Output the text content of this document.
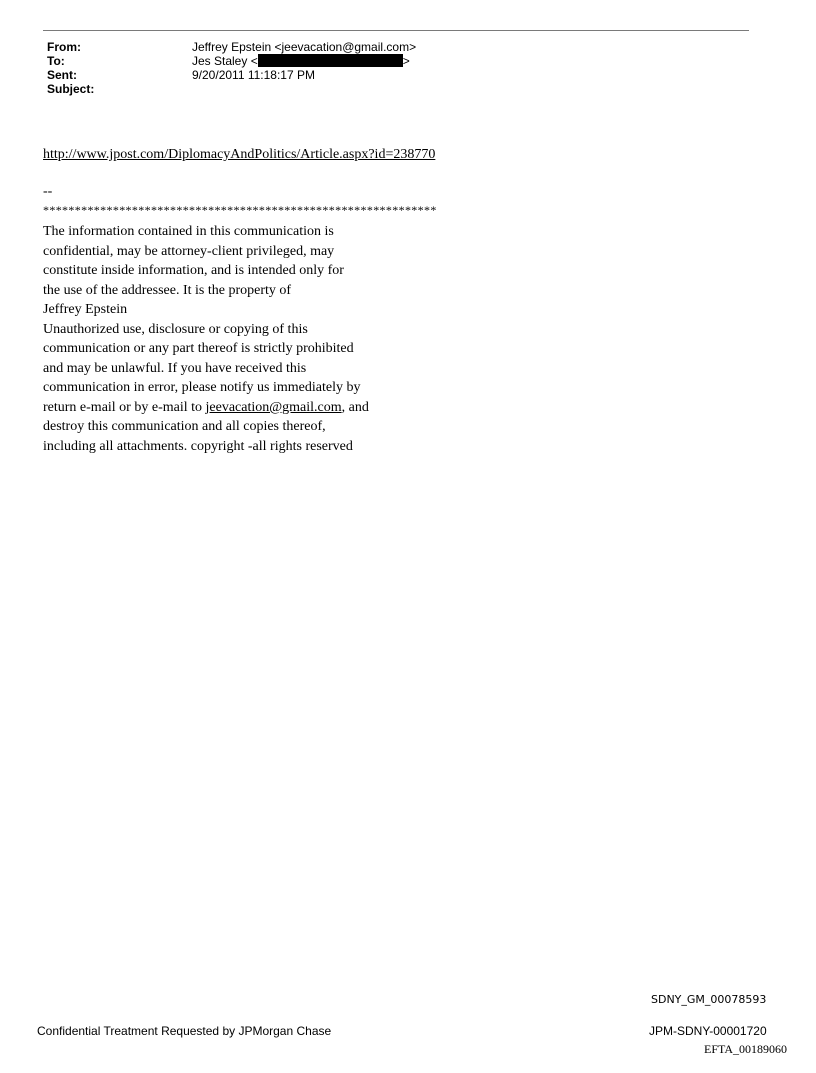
From:	Jeffrey Epstein <jeevacation@gmail.com>
To:	Jes Staley <	>
Sent:	9/20/2011 11:18:17 PM
Subject:
http://www.jpost.com/DiplomacyAndPolitics/Article.aspx?id=238770
--
**************************************************************
The information contained in this communication is
confidential, may be attorney-client privileged, may
constitute inside information, and is intended only for
the use of the addressee. It is the property of
Jeffrey Epstein
Unauthorized use, disclosure or copying of this
communication or any part thereof is strictly prohibited
and may be unlawful. If you have received this
communication in error, please notify us immediately by
return e-mail or by e-mail to jeevacation@gmail.com, and
destroy this communication and all copies thereof,
including all attachments. copyright -all rights reserved
SDNY_GM_00078593
Confidential Treatment Requested by JPMorgan Chase	JPM-SDNY-00001720
EFTA_00189060
